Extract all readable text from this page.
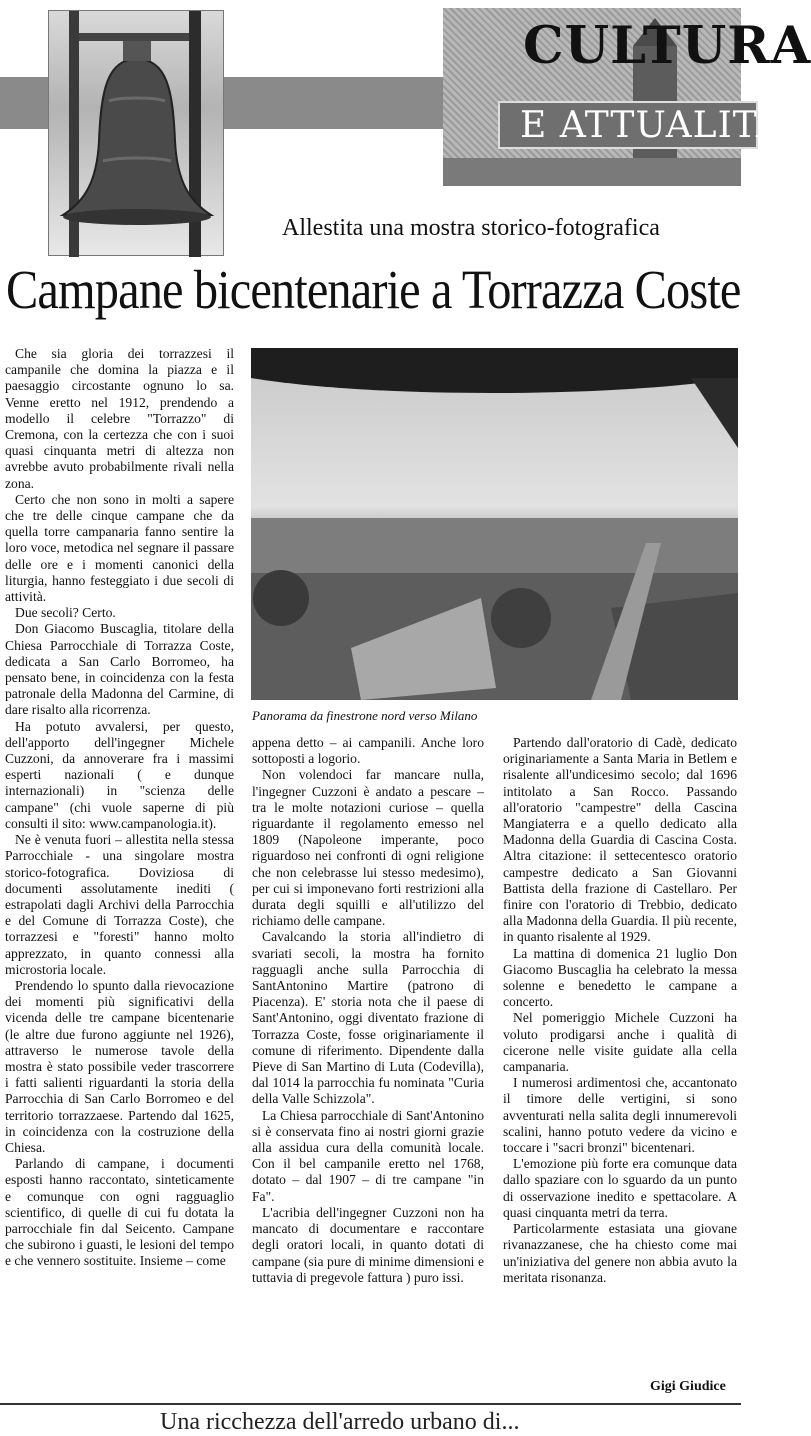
CULTURA
E ATTUALITÀ
Allestita una mostra storico-fotografica
Campane bicentenarie a Torrazza Coste

Che sia gloria dei torrazzesi il campanile che domina la piazza e il paesaggio circostante ognuno lo sa. Venne eretto nel 1912, prendendo a modello il celebre "Torrazzo" di Cremona, con la certezza che con i suoi quasi cinquanta metri di altezza non avrebbe avuto probabilmente rivali nella zona.

Certo che non sono in molti a sapere che tre delle cinque campane che da quella torre campanaria fanno sentire la loro voce, metodica nel segnare il passare delle ore e i momenti canonici della liturgia, hanno festeggiato i due secoli di attività.

Due secoli? Certo.

Don Giacomo Buscaglia, titolare della Chiesa Parrocchiale di Torrazza Coste, dedicata a San Carlo Borromeo, ha pensato bene, in coincidenza con la festa patronale della Madonna del Carmine, di dare risalto alla ricorrenza.

Ha potuto avvalersi, per questo, dell'apporto dell'ingegner Michele Cuzzoni, da annoverare fra i massimi esperti nazionali ( e dunque internazionali) in "scienza delle campane" (chi vuole saperne di più consulti il sito: www.campanologia.it).

Ne è venuta fuori – allestita nella stessa Parrocchiale - una singolare mostra storico-fotografica. Doviziosa di documenti assolutamente inediti ( estrapolati dagli Archivi della Parrocchia e del Comune di Torrazza Coste), che torrazzesi e "foresti" hanno molto apprezzato, in quanto connessi alla microstoria locale.

Prendendo lo spunto dalla rievocazione dei momenti più significativi della vicenda delle tre campane bicentenarie (le altre due furono aggiunte nel 1926), attraverso le numerose tavole della mostra è stato possibile veder trascorrere i fatti salienti riguardanti la storia della Parrocchia di San Carlo Borromeo e del territorio torrazzaese. Partendo dal 1625, in coincidenza con la costruzione della Chiesa.

Parlando di campane, i documenti esposti hanno raccontato, sinteticamente e comunque con ogni ragguaglio scientifico, di quelle di cui fu dotata la parrocchiale fin dal Seicento. Campane che subirono i guasti, le lesioni del tempo e che vennero sostituite. Insieme – come

Panorama da finestrone nord verso Milano

appena detto – ai campanili. Anche loro sottoposti a logorio.

Non volendoci far mancare nulla, l'ingegner Cuzzoni è andato a pescare – tra le molte notazioni curiose – quella riguardante il regolamento emesso nel 1809 (Napoleone imperante, poco riguardoso nei confronti di ogni religione che non celebrasse lui stesso medesimo), per cui si imponevano forti restrizioni alla durata degli squilli e all'utilizzo del richiamo delle campane.

Cavalcando la storia all'indietro di svariati secoli, la mostra ha fornito ragguagli anche sulla Parrocchia di SantAntonino Martire (patrono di Piacenza). E' storia nota che il paese di Sant'Antonino, oggi diventato frazione di Torrazza Coste, fosse originariamente il comune di riferimento. Dipendente dalla Pieve di San Martino di Luta (Codevilla), dal 1014 la parrocchia fu nominata "Curia della Valle Schizzola".

La Chiesa parrocchiale di Sant'Antonino si è conservata fino ai nostri giorni grazie alla assidua cura della comunità locale. Con il bel campanile eretto nel 1768, dotato – dal 1907 – di tre campane "in Fa".

L'acribia dell'ingegner Cuzzoni non ha mancato di documentare e raccontare degli oratori locali, in quanto dotati di campane (sia pure di minime dimensioni e tuttavia di pregevole fattura ) puro issi.

Partendo dall'oratorio di Cadè, dedicato originariamente a Santa Maria in Betlem e risalente all'undicesimo secolo; dal 1696 intitolato a San Rocco. Passando all'oratorio "campestre" della Cascina Mangiaterra e a quello dedicato alla Madonna della Guardia di Cascina Costa. Altra citazione: il settecentesco oratorio campestre dedicato a San Giovanni Battista della frazione di Castellaro. Per finire con l'oratorio di Trebbio, dedicato alla Madonna della Guardia. Il più recente, in quanto risalente al 1929.

La mattina di domenica 21 luglio Don Giacomo Buscaglia ha celebrato la messa solenne e benedetto le campane a concerto.

Nel pomeriggio Michele Cuzzoni ha voluto prodigarsi anche i qualità di cicerone nelle visite guidate alla cella campanaria.

I numerosi ardimentosi che, accantonato il timore delle vertigini, si sono avventurati nella salita degli innumerevoli scalini, hanno potuto vedere da vicino e toccare i "sacri bronzi" bicentenari.

L'emozione più forte era comunque data dallo spaziare con lo sguardo da un punto di osservazione inedito e spettacolare. A quasi cinquanta metri da terra.

Particolarmente estasiata una giovane rivanazzanese, che ha chiesto come mai un'iniziativa del genere non abbia avuto la meritata risonanza.

Gigi Giudice
Una ricchezza dell'arredo urbano di...
